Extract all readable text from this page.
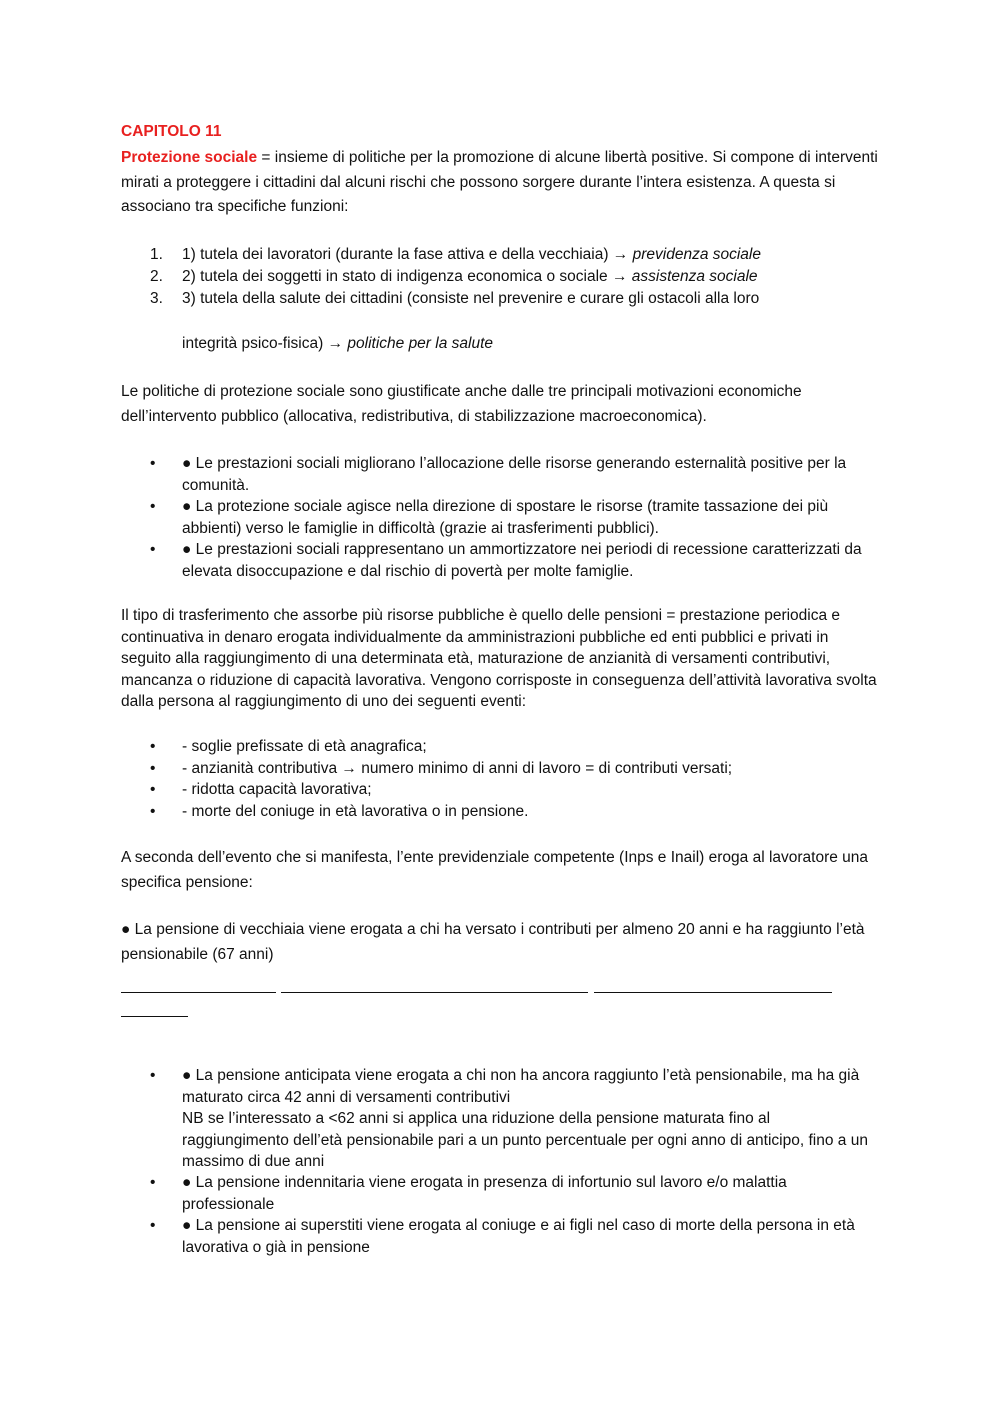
CAPITOLO 11
Protezione sociale = insieme di politiche per la promozione di alcune libertà positive. Si compone di interventi mirati a proteggere i cittadini dal alcuni rischi che possono sorgere durante l’intera esistenza. A questa si associano tra specifiche funzioni:
1.	1) tutela dei lavoratori (durante la fase attiva e della vecchiaia) → previdenza sociale
2.	2) tutela dei soggetti in stato di indigenza economica o sociale → assistenza sociale
3.	3) tutela della salute dei cittadini (consiste nel prevenire e curare gli ostacoli alla loro
integrità psico-fisica) → politiche per la salute
Le politiche di protezione sociale sono giustificate anche dalle tre principali motivazioni economiche dell’intervento pubblico (allocativa, redistributiva, di stabilizzazione macroeconomica).
• ● Le prestazioni sociali migliorano l’allocazione delle risorse generando esternalità positive per la comunità.
• ● La protezione sociale agisce nella direzione di spostare le risorse (tramite tassazione dei più abbienti) verso le famiglie in difficoltà (grazie ai trasferimenti pubblici).
• ● Le prestazioni sociali rappresentano un ammortizzatore nei periodi di recessione caratterizzati da elevata disoccupazione e dal rischio di povertà per molte famiglie.
Il tipo di trasferimento che assorbe più risorse pubbliche è quello delle pensioni = prestazione periodica e continuativa in denaro erogata individualmente da amministrazioni pubbliche ed enti pubblici e privati in seguito alla raggiungimento di una determinata età, maturazione de anzianità di versamenti contributivi, mancanza o riduzione di capacità lavorativa. Vengono corrisposte in conseguenza dell’attività lavorativa svolta dalla persona al raggiungimento di uno dei seguenti eventi:
• - soglie prefissate di età anagrafica;
• - anzianità contributiva → numero minimo di anni di lavoro = di contributi versati;
• - ridotta capacità lavorativa;
• - morte del coniuge in età lavorativa o in pensione.
A seconda dell’evento che si manifesta, l’ente previdenziale competente (Inps e Inail) eroga al lavoratore una specifica pensione:
● La pensione di vecchiaia viene erogata a chi ha versato i contributi per almeno 20 anni e ha raggiunto l’età pensionabile (67 anni)
• ● La pensione anticipata viene erogata a chi non ha ancora raggiunto l’età pensionabile, ma ha già maturato circa 42 anni di versamenti contributivi
NB se l’interessato a <62 anni si applica una riduzione della pensione maturata fino al raggiungimento dell’età pensionabile pari a un punto percentuale per ogni anno di anticipo, fino a un massimo di due anni
• ● La pensione indennitaria viene erogata in presenza di infortunio sul lavoro e/o malattia professionale
• ● La pensione ai superstiti viene erogata al coniuge e ai figli nel caso di morte della persona in età lavorativa o già in pensione
